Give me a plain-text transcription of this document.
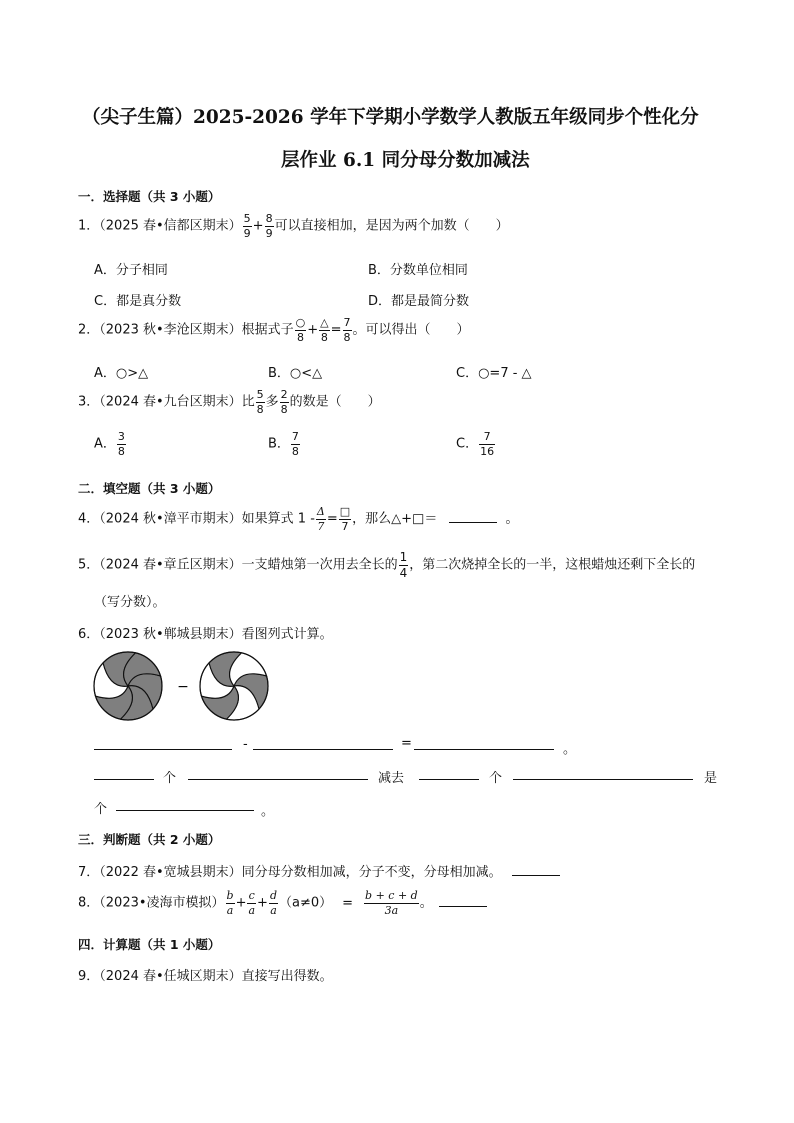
（尖子生篇）2025-2026 学年下学期小学数学人教版五年级同步个性化分
层作业 6.1 同分母分数加减法
一．选择题（共 3 小题）
1．（2025 春•信都区期末） $\frac{5}{9} + \frac{8}{9}$ 可以直接相加，是因为两个加数（　　）
A．分子相同	B．分数单位相同
C．都是真分数	D．都是最简分数
2．（2023 秋•李沧区期末）根据式子 $\frac{○}{8} + \frac{\triangle}{8} = \frac{7}{8}$ 。可以得出（　　）
A．○>△	B．○<△	C．○=7 - △
3．（2024 春•九台区期末）比 $\frac{5}{8}$ 多 $\frac{2}{8}$ 的数是（　　）
A． $\frac{3}{8}$	B． $\frac{7}{8}$	C． $\frac{7}{16}$
二．填空题（共 3 小题）
4．（2024 秋•漳平市期末）如果算式 $1 - \frac{\Delta}{7} = \frac{□}{7}$ ，那么△+□＝	。
5．（2024 春•章丘区期末）一支蜡烛第一次用去全长的 $\frac{1}{4}$ ，第二次烧掉全长的一半，这根蜡烛还剩下全长的
（写分数）。
6．（2023 秋•郸城县期末）看图列式计算。
−
-	=	。
个	减去	个	是
个	。
三．判断题（共 2 小题）
7．（2022 春•宽城县期末）同分母分数相加减，分子不变，分母相加减。
8．（2023•凌海市模拟） $\frac{b}{a} + \frac{c}{a} + \frac{d}{a} (a\ne 0) = \frac{b + c + d}{3a}$ 。
四．计算题（共 1 小题）
9．（2024 春•任城区期末）直接写出得数。
